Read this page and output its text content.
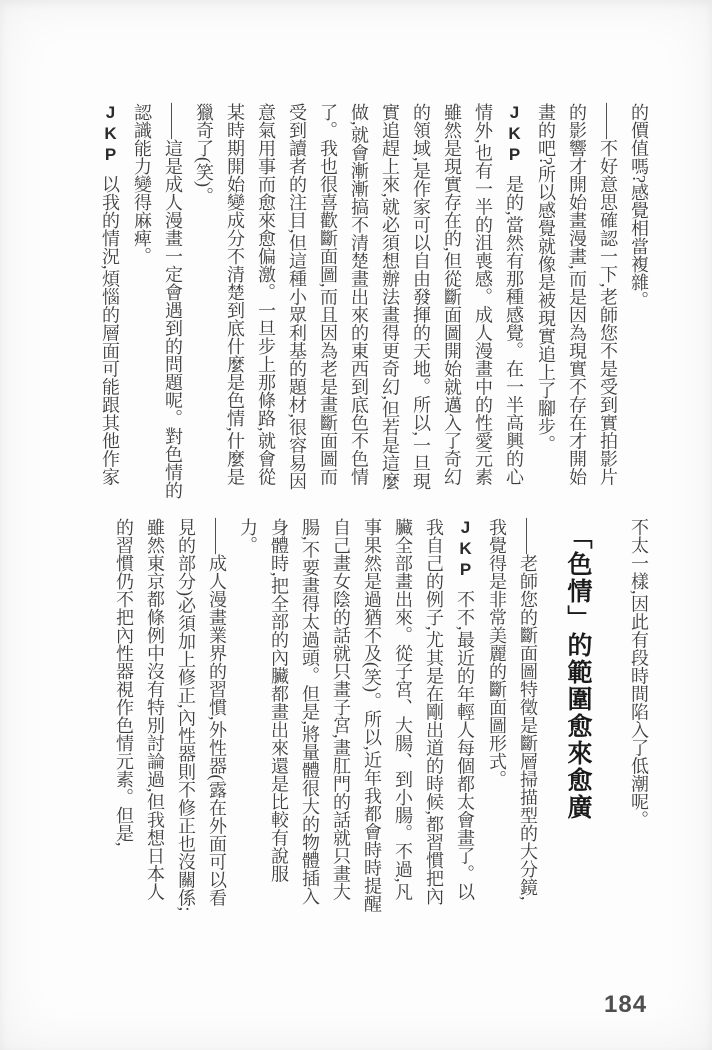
的價值嗎?感覺相當複雜。

——不好意思確認一下,老師您不是受到實拍影片的影響才開始畫漫畫,而是因為現實不存在才開始畫的吧?所以感覺就像是被現實追上了腳步。

JKP是的,當然有那種感覺。在一半高興的心情外,也有一半的沮喪感。成人漫畫中的性愛元素雖然是現實存在的,但從斷面圖開始就邁入了奇幻的領域,是作家可以自由發揮的天地。所以,一旦現實追趕上來,就必須想辦法畫得更奇幻,但若是這麼做,就會漸漸搞不清楚畫出來的東西到底色不色情了。我也很喜歡斷面圖,而且因為老是畫斷面圖而受到讀者的注目,但這種小眾利基的題材,很容易因意氣用事而愈來愈偏激。一旦步上那條路,就會從某時期開始變成分不清楚到底什麼是色情,什麼是獵奇了(笑)。

——這是成人漫畫一定會遇到的問題呢。對色情的認識能力變得麻痺。

JKP以我的情況,煩惱的層面可能跟其他作家

不太一樣,因此有段時間陷入了低潮呢。

「色情」的範圍愈來愈廣

——老師您的斷面圖特徵是斷層掃描型的大分鏡,我覺得是非常美麗的斷面圖形式。

JKP不不,最近的年輕人每個都太會畫了。以我自己的例子,尤其是在剛出道的時候,都習慣把內臟全部畫出來。從子宮、大腸、到小腸。不過,凡事果然是過猶不及(笑)。所以,近年我都會時時提醒自己畫女陰的話就只畫子宮,畫肛門的話就只畫大腸,不要畫得太過頭。但是,將量體很大的物體插入身體時,把全部的內臟都畫出來還是比較有說服力。

——成人漫畫業界的習慣,外性器(露在外面可以看見的部分)必須加上修正,內性器則不修正也沒關係;雖然東京都條例中沒有特別討論過,但我想日本人的習慣仍不把內性器視作色情元素。但是,

184
